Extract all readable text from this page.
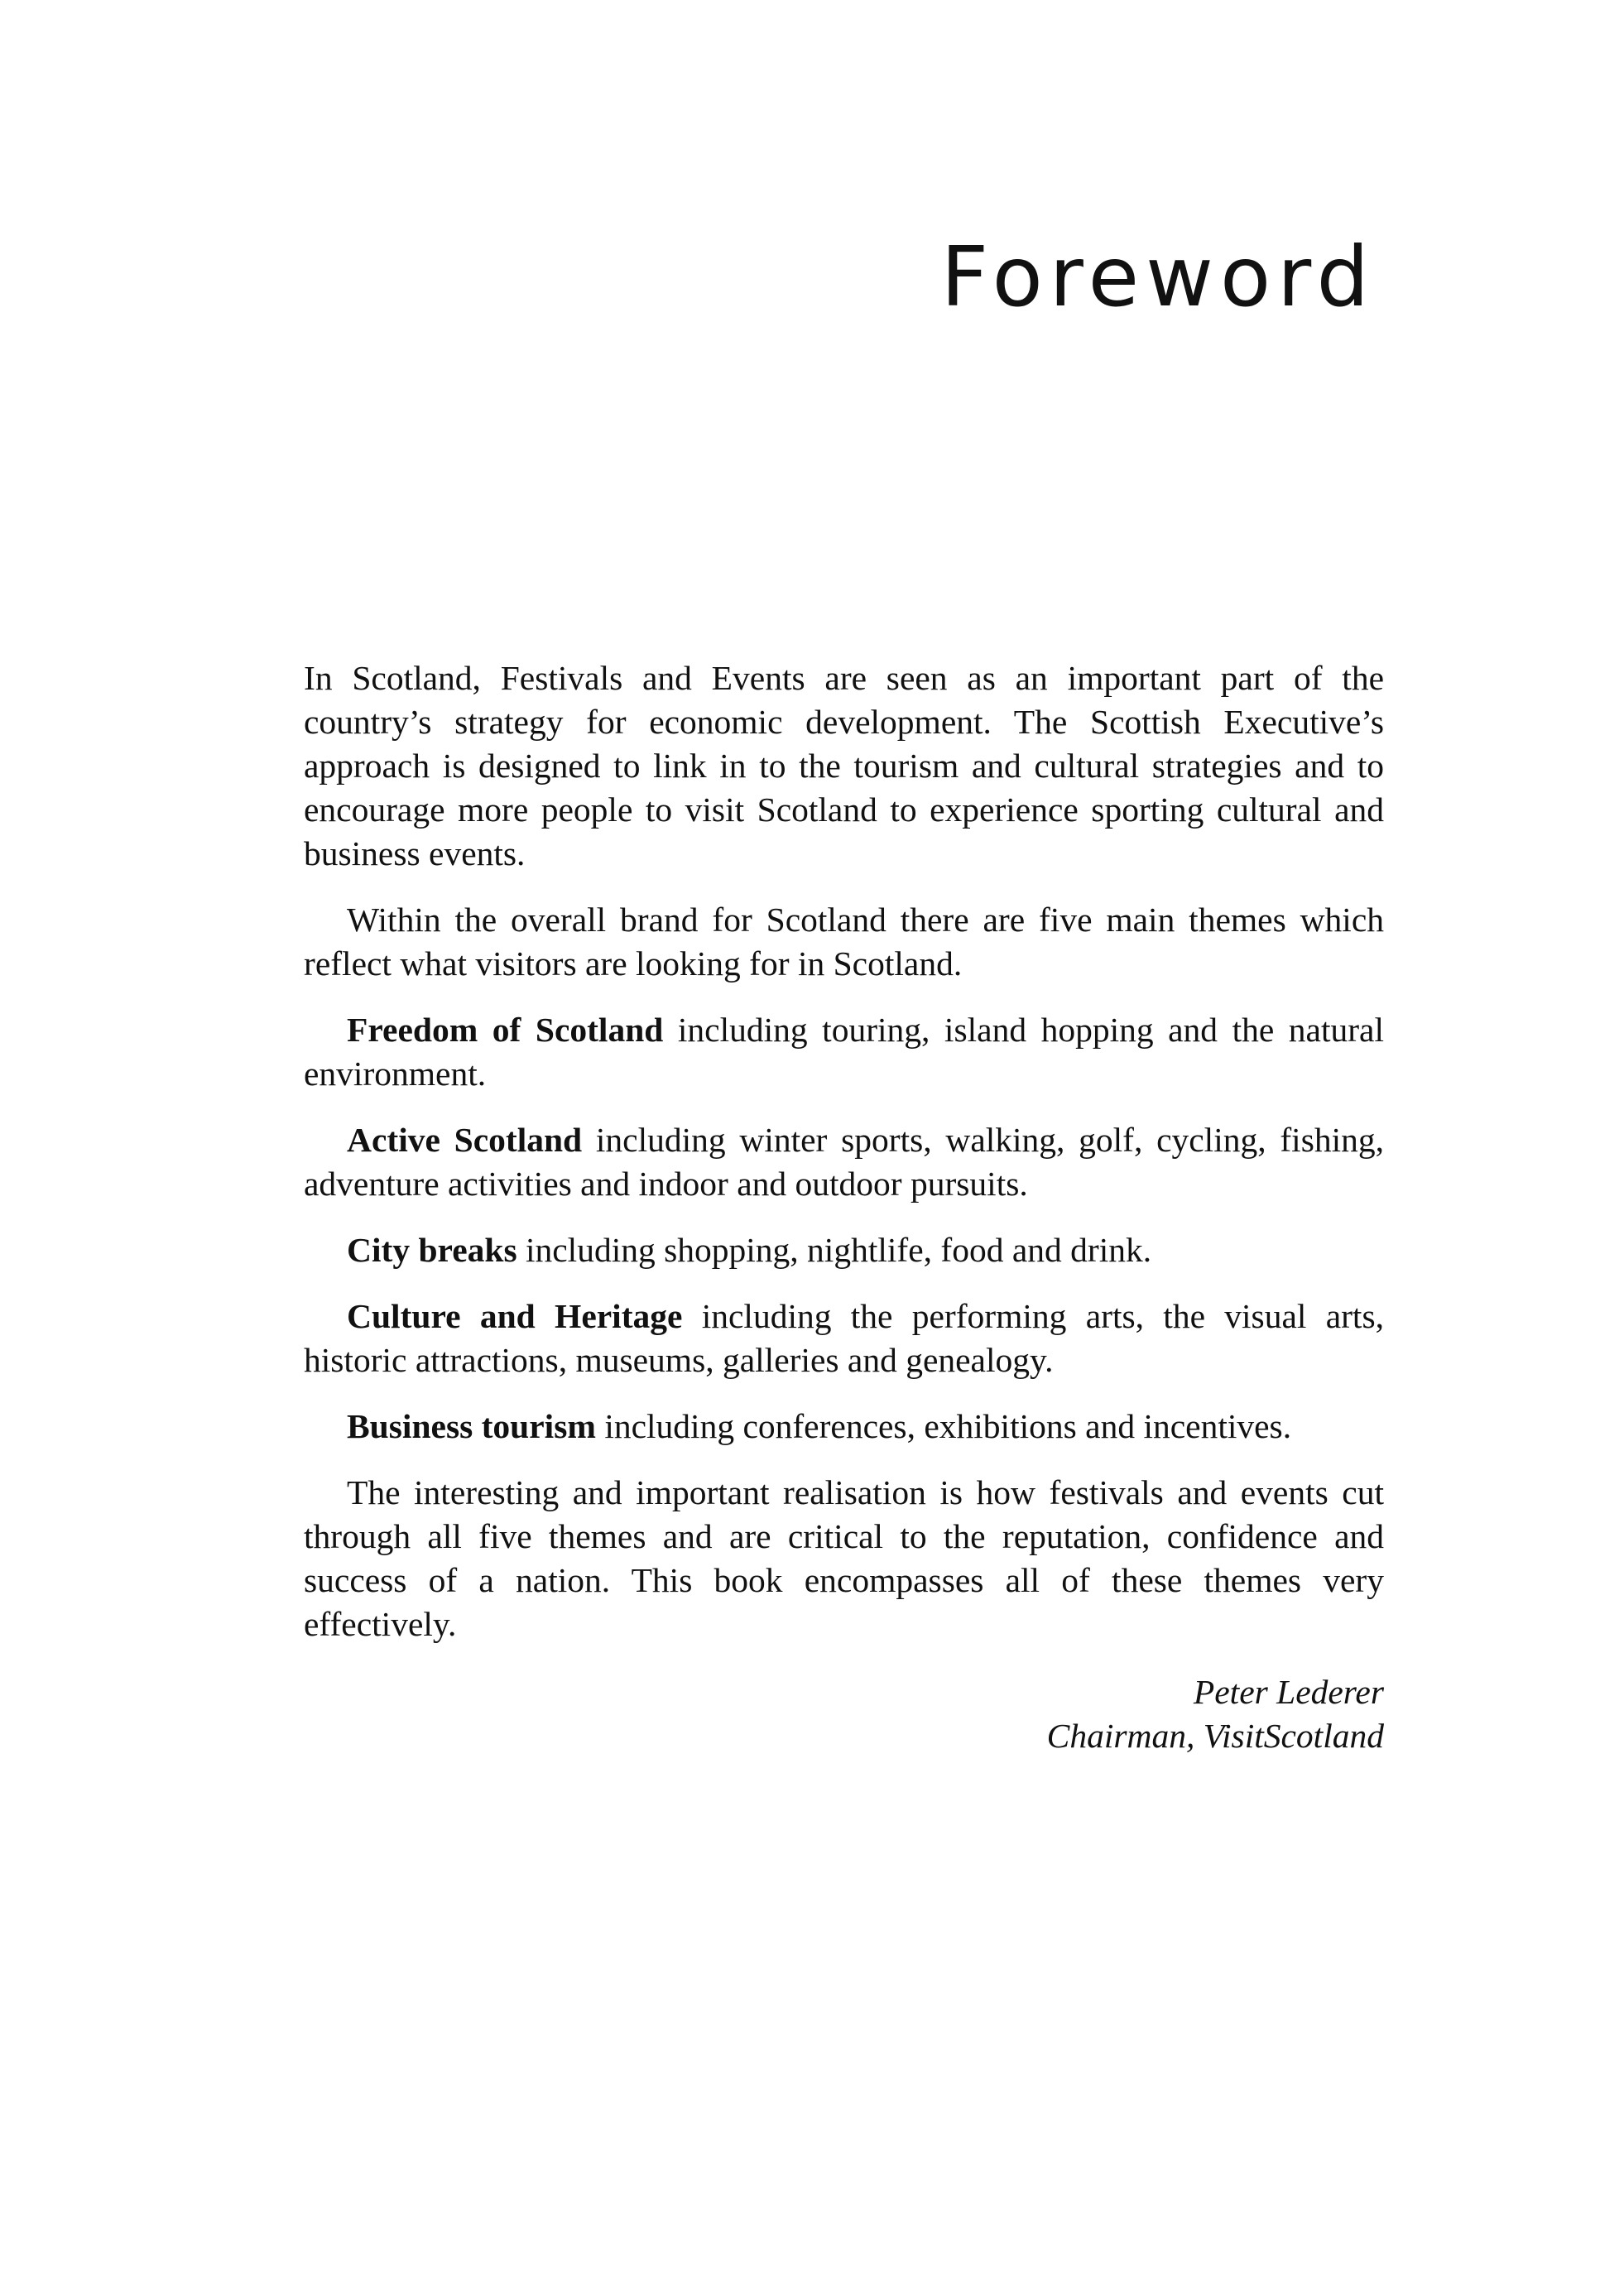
Foreword

In Scotland, Festivals and Events are seen as an important part of the country’s strategy for economic development. The Scottish Executive’s approach is designed to link in to the tourism and cultural strategies and to encourage more people to visit Scotland to experience sporting cultural and business events.

Within the overall brand for Scotland there are five main themes which reflect what visitors are looking for in Scotland.

Freedom of Scotland including touring, island hopping and the natural environment.

Active Scotland including winter sports, walking, golf, cycling, fishing, adventure activities and indoor and outdoor pursuits.

City breaks including shopping, nightlife, food and drink.

Culture and Heritage including the performing arts, the visual arts, historic attractions, museums, galleries and genealogy.

Business tourism including conferences, exhibitions and incentives.

The interesting and important realisation is how festivals and events cut through all five themes and are critical to the reputation, confidence and success of a nation. This book encompasses all of these themes very effectively.

Peter Lederer
Chairman, VisitScotland
